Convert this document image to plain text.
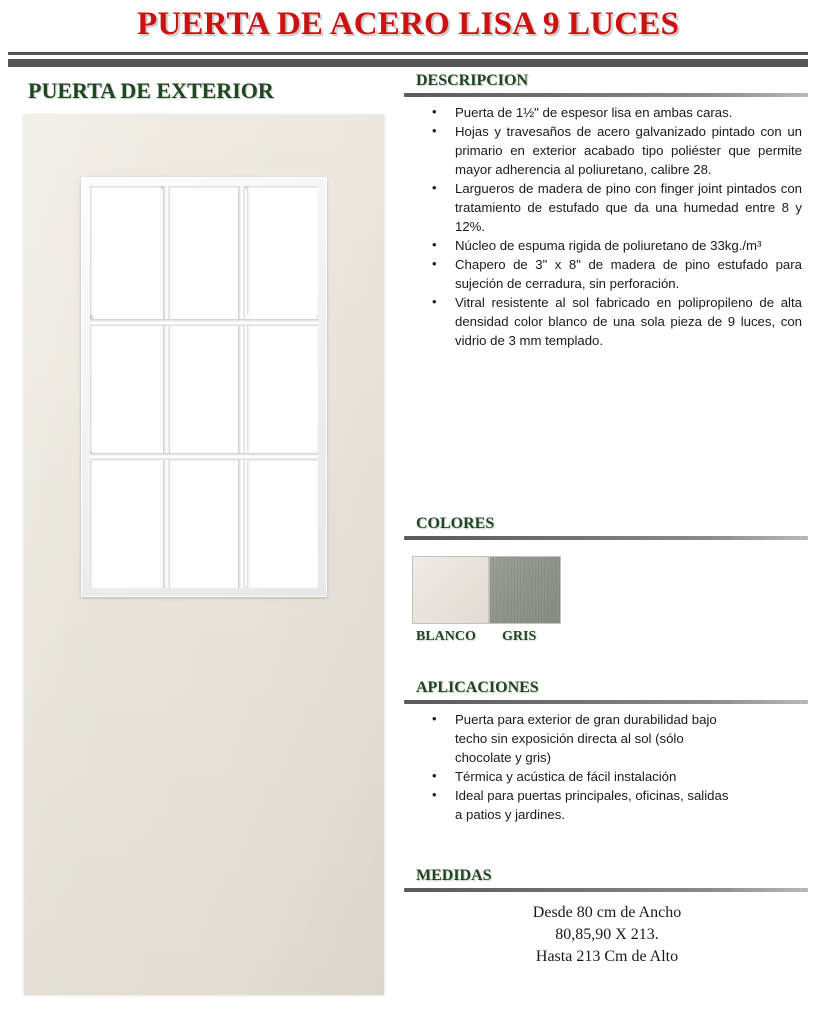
PUERTA DE ACERO LISA 9 LUCES
PUERTA DE EXTERIOR	DESCRIPCION
• Puerta de 1½" de espesor lisa en ambas caras.
• Hojas y travesaños de acero galvanizado pintado con un primario en exterior acabado tipo poliéster que permite mayor adherencia al poliuretano, calibre 28.
• Largueros de madera de pino con finger joint pintados con tratamiento de estufado que da una humedad entre 8 y 12%.
• Núcleo de espuma rigida de poliuretano de 33kg./m³
• Chapero de 3" x 8" de madera de pino estufado para sujeción de cerradura, sin perforación.
• Vitral resistente al sol fabricado en polipropileno de alta densidad color blanco de una sola pieza de 9 luces, con vidrio de 3 mm templado.
COLORES
BLANCO	GRIS
APLICACIONES
• Puerta para exterior de gran durabilidad bajo techo sin exposición directa al sol (sólo chocolate y gris)
• Térmica y acústica de fácil instalación
• Ideal para puertas principales, oficinas, salidas a patios y jardines.
MEDIDAS
Desde 80 cm de Ancho
80,85,90 X 213.
Hasta 213 Cm de Alto
